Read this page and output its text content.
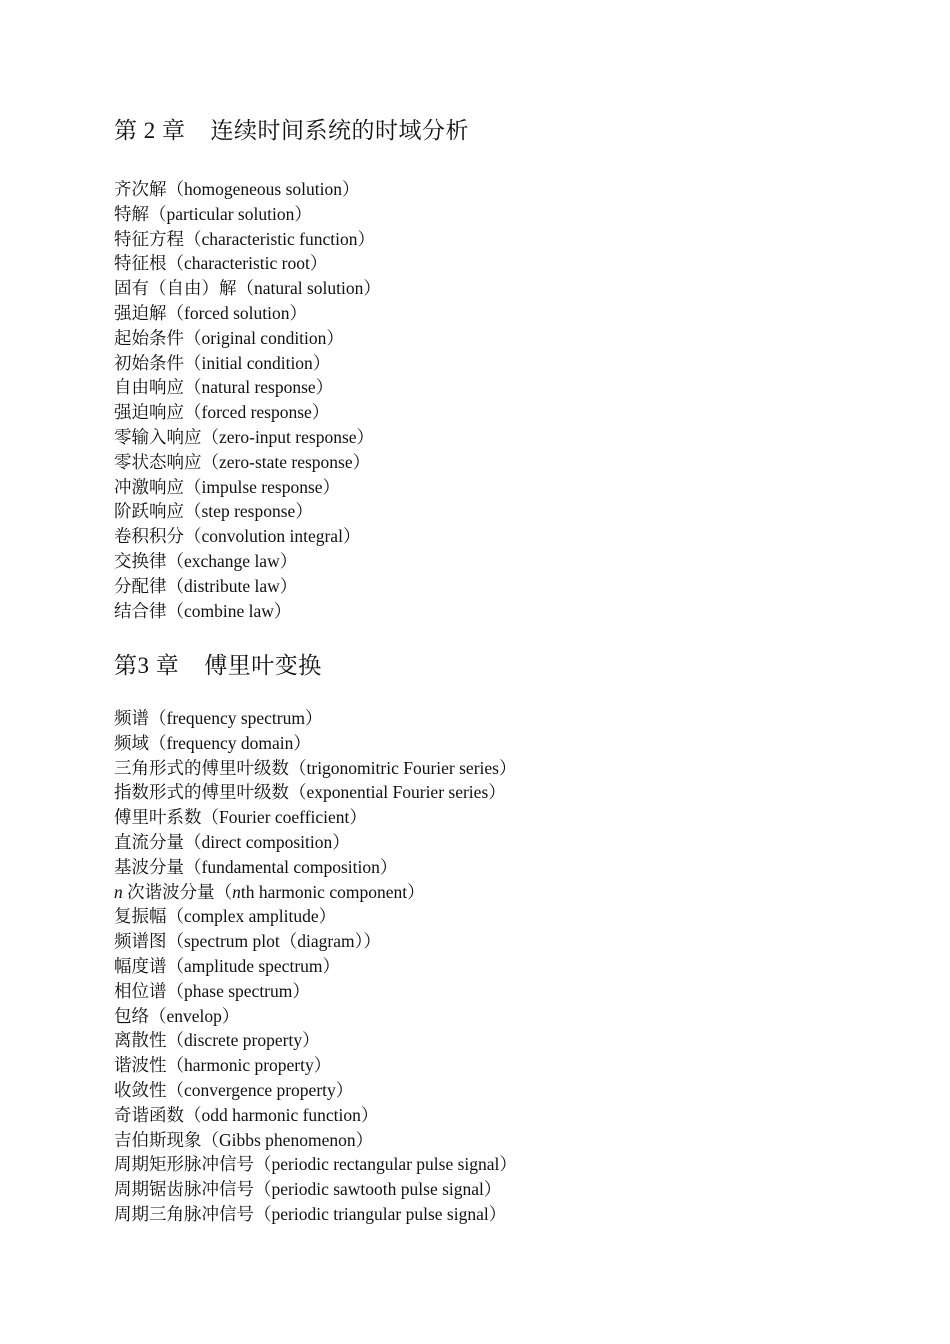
第 2 章    连续时间系统的时域分析
齐次解（homogeneous solution）
特解（particular solution）
特征方程（characteristic function）
特征根（characteristic root）
固有（自由）解（natural solution）
强迫解（forced solution）
起始条件（original condition）
初始条件（initial condition）
自由响应（natural response）
强迫响应（forced response）
零输入响应（zero-input response）
零状态响应（zero-state response）
冲激响应（impulse response）
阶跃响应（step response）
卷积积分（convolution integral）
交换律（exchange law）
分配律（distribute law）
结合律（combine law）
第3 章    傅里叶变换
频谱（frequency spectrum）
频域（frequency domain）
三角形式的傅里叶级数（trigonomitric Fourier series）
指数形式的傅里叶级数（exponential Fourier series）
傅里叶系数（Fourier coefficient）
直流分量（direct composition）
基波分量（fundamental composition）
n 次谐波分量（nth harmonic component）
复振幅（complex amplitude）
频谱图（spectrum plot（diagram））
幅度谱（amplitude spectrum）
相位谱（phase spectrum）
包络（envelop）
离散性（discrete property）
谐波性（harmonic property）
收敛性（convergence property）
奇谐函数（odd harmonic function）
吉伯斯现象（Gibbs phenomenon）
周期矩形脉冲信号（periodic rectangular pulse signal）
周期锯齿脉冲信号（periodic sawtooth pulse signal）
周期三角脉冲信号（periodic triangular pulse signal）
